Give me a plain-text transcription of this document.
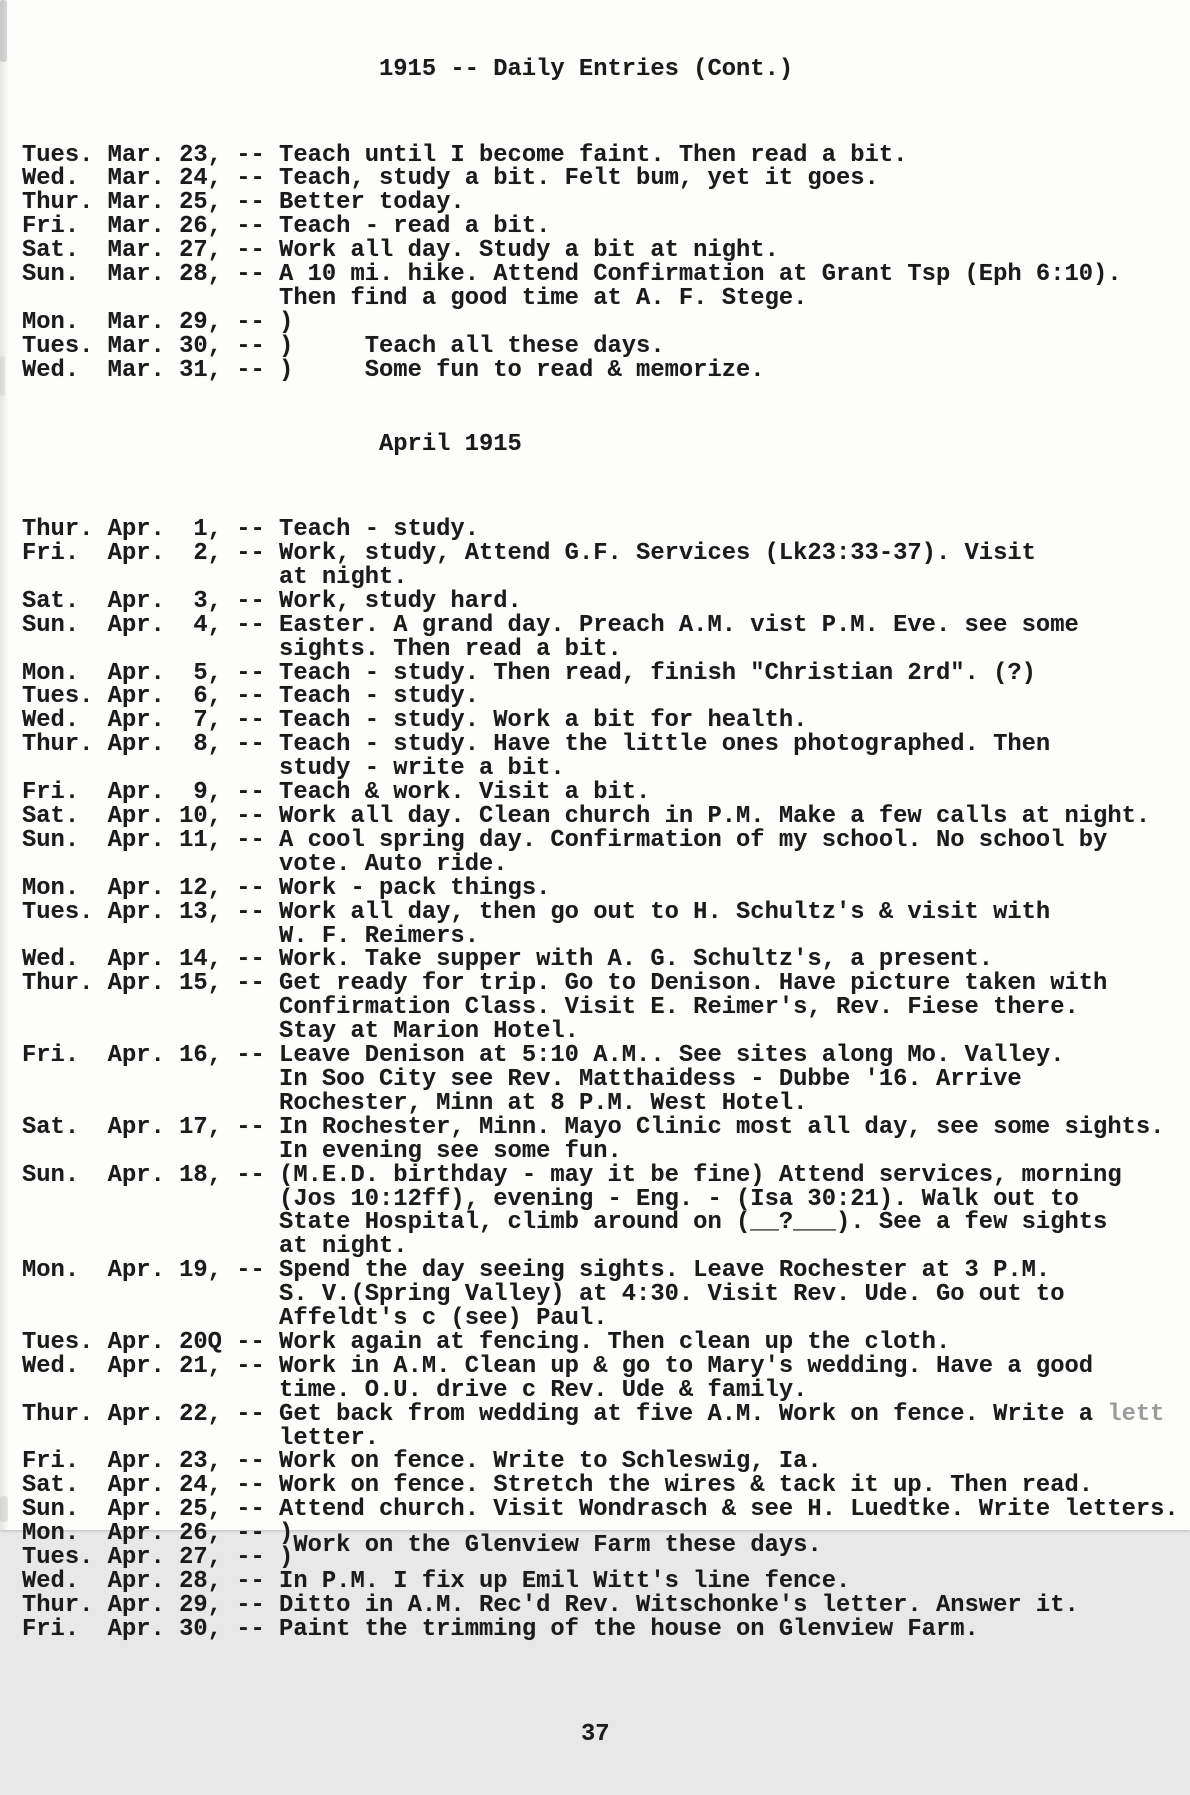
1915 -- Daily Entries (Cont.)

Tues. Mar. 23, -- Teach until I become faint. Then read a bit.
Wed.  Mar. 24, -- Teach, study a bit. Felt bum, yet it goes.
Thur. Mar. 25, -- Better today.
Fri.  Mar. 26, -- Teach - read a bit.
Sat.  Mar. 27, -- Work all day. Study a bit at night.
Sun.  Mar. 28, -- A 10 mi. hike. Attend Confirmation at Grant Tsp (Eph 6:10).
Then find a good time at A. F. Stege.
Mon.  Mar. 29, -- )
Tues. Mar. 30, -- )     Teach all these days.
Wed.  Mar. 31, -- )     Some fun to read & memorize.

April 1915

Thur. Apr.  1, -- Teach - study.
Fri.  Apr.  2, -- Work, study, Attend G.F. Services (Lk23:33-37). Visit
at night.
Sat.  Apr.  3, -- Work, study hard.
Sun.  Apr.  4, -- Easter. A grand day. Preach A.M. vist P.M. Eve. see some
sights. Then read a bit.
Mon.  Apr.  5, -- Teach - study. Then read, finish "Christian 2rd". (?)
Tues. Apr.  6, -- Teach - study.
Wed.  Apr.  7, -- Teach - study. Work a bit for health.
Thur. Apr.  8, -- Teach - study. Have the little ones photographed. Then
study - write a bit.
Fri.  Apr.  9, -- Teach & work. Visit a bit.
Sat.  Apr. 10, -- Work all day. Clean church in P.M. Make a few calls at night.
Sun.  Apr. 11, -- A cool spring day. Confirmation of my school. No school by
vote. Auto ride.
Mon.  Apr. 12, -- Work - pack things.
Tues. Apr. 13, -- Work all day, then go out to H. Schultz's & visit with
W. F. Reimers.
Wed.  Apr. 14, -- Work. Take supper with A. G. Schultz's, a present.
Thur. Apr. 15, -- Get ready for trip. Go to Denison. Have picture taken with
Confirmation Class. Visit E. Reimer's, Rev. Fiese there.
Stay at Marion Hotel.
Fri.  Apr. 16, -- Leave Denison at 5:10 A.M.. See sites along Mo. Valley.
In Soo City see Rev. Matthaidess - Dubbe '16. Arrive
Rochester, Minn at 8 P.M. West Hotel.
Sat.  Apr. 17, -- In Rochester, Minn. Mayo Clinic most all day, see some sights.
In evening see some fun.
Sun.  Apr. 18, -- (M.E.D. birthday - may it be fine) Attend services, morning
(Jos 10:12ff), evening - Eng. - (Isa 30:21). Walk out to
State Hospital, climb around on (__?___). See a few sights
at night.
Mon.  Apr. 19, -- Spend the day seeing sights. Leave Rochester at 3 P.M.
S. V.(Spring Valley) at 4:30. Visit Rev. Ude. Go out to
Affeldt's c (see) Paul.
Tues. Apr. 20Q -- Work again at fencing. Then clean up the cloth.
Wed.  Apr. 21, -- Work in A.M. Clean up & go to Mary's wedding. Have a good
time. O.U. drive c Rev. Ude & family.
Thur. Apr. 22, -- Get back from wedding at five A.M. Work on fence. Write a lett
letter.
Fri.  Apr. 23, -- Work on fence. Write to Schleswig, Ia.
Sat.  Apr. 24, -- Work on fence. Stretch the wires & tack it up. Then read.
Sun.  Apr. 25, -- Attend church. Visit Wondrasch & see H. Luedtke. Write letters.
Mon.  Apr. 26, -- )
Tues. Apr. 27, -- )Work on the Glenview Farm these days.
Wed.  Apr. 28, -- In P.M. I fix up Emil Witt's line fence.
Thur. Apr. 29, -- Ditto in A.M. Rec'd Rev. Witschonke's letter. Answer it.
Fri.  Apr. 30, -- Paint the trimming of the house on Glenview Farm.

37
